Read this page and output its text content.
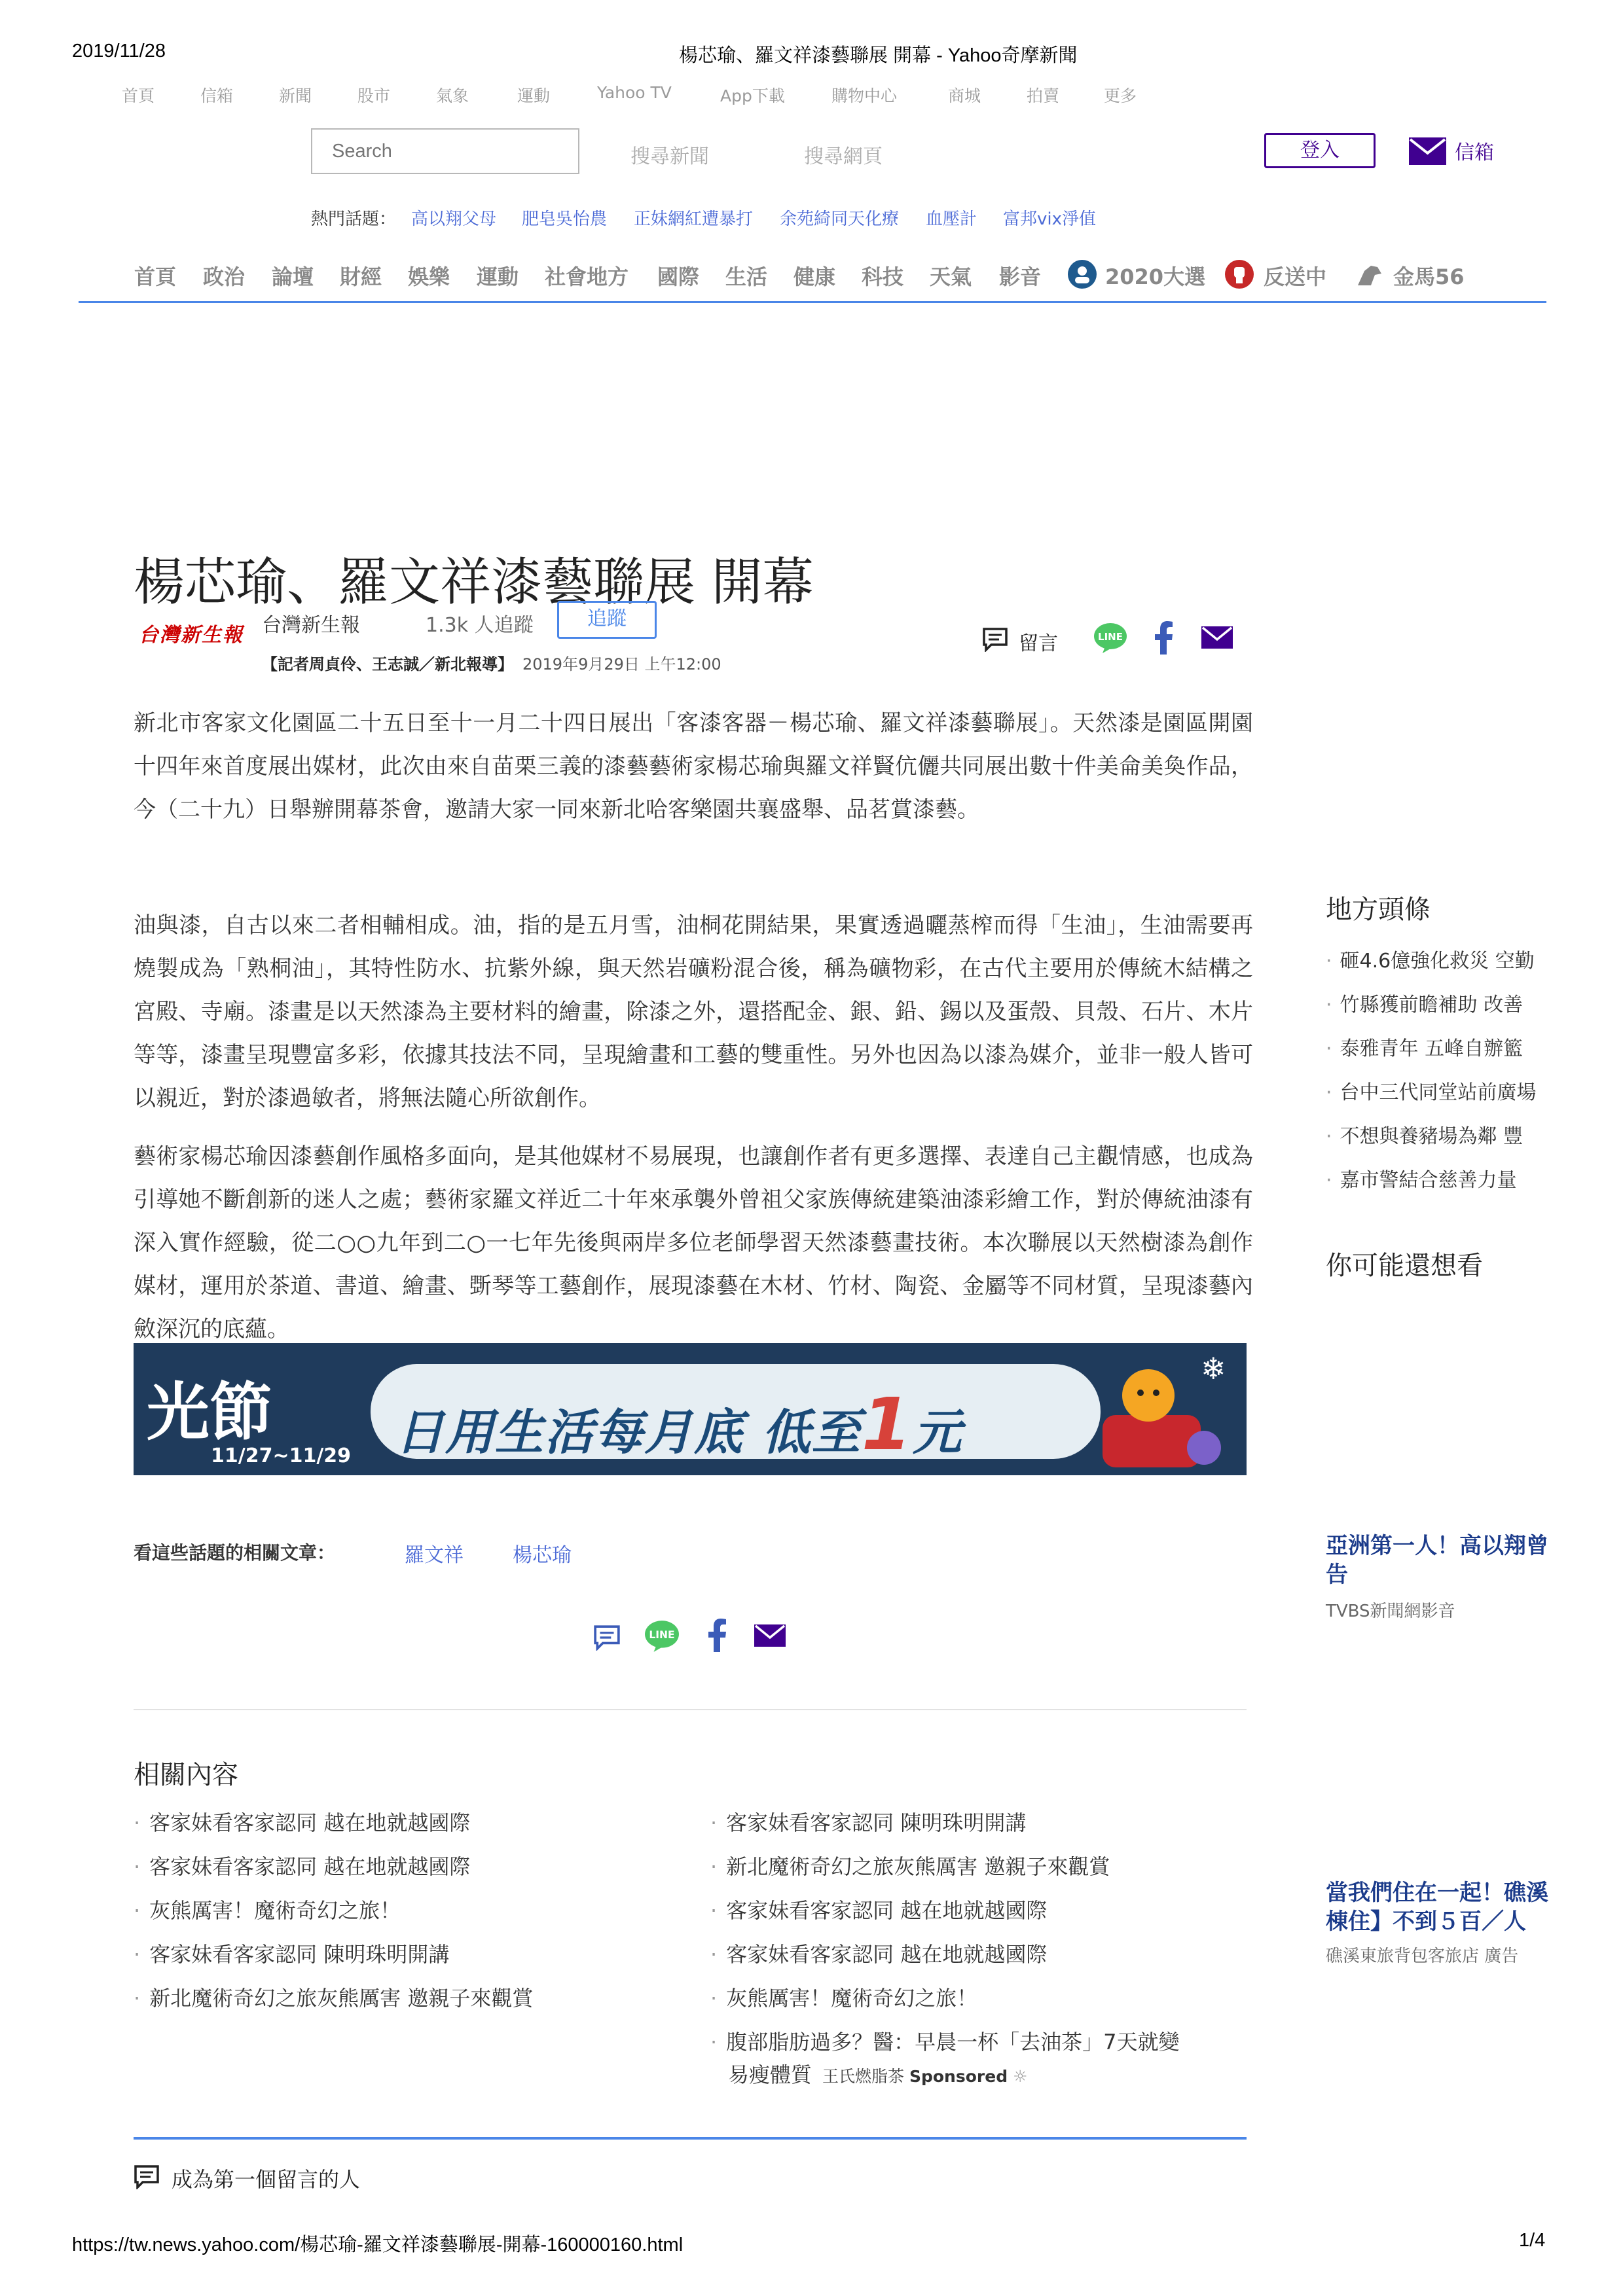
2019/11/28	楊芯瑜、羅文祥漆藝聯展 開幕 - Yahoo奇摩新聞
首頁	信箱	新聞	股市	氣象	運動	Yahoo TV	App下載	購物中心	商城	拍賣	更多
Search
搜尋新聞	搜尋網頁	登入	信箱
熱門話題： 高以翔父母 肥皂吳怡農 正妹網紅遭暴打 余苑綺同天化療 血壓計 富邦vix淨值
首頁 政治 論壇 財經 娛樂 運動 社會地方 國際 生活 健康 科技 天氣 影音	2020大選	反送中	金馬56
楊芯瑜、羅文祥漆藝聯展 開幕
台灣新生報 台灣新生報	1.3k 人追蹤	追蹤
【記者周貞伶、王志誠／新北報導】 2019年9月29日 上午12:00
留言	LINE

新北市客家文化園區二十五日至十一月二十四日展出「客漆客器－楊芯瑜、羅文祥漆藝聯展」。天然漆是園區開園十四年來首度展出媒材，此次由來自苗栗三義的漆藝藝術家楊芯瑜與羅文祥賢伉儷共同展出數十件美侖美奐作品，今（二十九）日舉辦開幕茶會，邀請大家一同來新北哈客樂園共襄盛舉、品茗賞漆藝。

油與漆，自古以來二者相輔相成。油，指的是五月雪，油桐花開結果，果實透過曬蒸榨而得「生油」，生油需要再燒製成為「熟桐油」，其特性防水、抗紫外線，與天然岩礦粉混合後，稱為礦物彩，在古代主要用於傳統木結構之宮殿、寺廟。漆畫是以天然漆為主要材料的繪畫，除漆之外，還搭配金、銀、鉛、錫以及蛋殼、貝殼、石片、木片等等，漆畫呈現豐富多彩，依據其技法不同，呈現繪畫和工藝的雙重性。另外也因為以漆為媒介，並非一般人皆可以親近，對於漆過敏者，將無法隨心所欲創作。

藝術家楊芯瑜因漆藝創作風格多面向，是其他媒材不易展現，也讓創作者有更多選擇、表達自己主觀情感，也成為引導她不斷創新的迷人之處；藝術家羅文祥近二十年來承襲外曾祖父家族傳統建築油漆彩繪工作，對於傳統油漆有深入實作經驗，從二○○九年到二○一七年先後與兩岸多位老師學習天然漆藝畫技術。本次聯展以天然樹漆為創作媒材，運用於茶道、書道、繪畫、斲琴等工藝創作，展現漆藝在木材、竹材、陶瓷、金屬等不同材質，呈現漆藝內斂深沉的底蘊。

光節
11/27~11/29 日用生活每月底 低至1元
❄
看這些話題的相關文章：	羅文祥	楊芯瑜
LINE
相關內容
· 客家妹看客家認同 越在地就越國際
· 客家妹看客家認同 越在地就越國際
· 灰熊厲害！魔術奇幻之旅！
· 客家妹看客家認同 陳明珠明開講
· 新北魔術奇幻之旅灰熊厲害 邀親子來觀賞
· 客家妹看客家認同 陳明珠明開講
· 新北魔術奇幻之旅灰熊厲害 邀親子來觀賞
· 客家妹看客家認同 越在地就越國際
· 客家妹看客家認同 越在地就越國際
· 灰熊厲害！魔術奇幻之旅！
· 腹部脂肪過多？醫：早晨一杯「去油茶」7天就變
易瘦體質 王氏燃脂茶 Sponsored ☼
成為第一個留言的人
地方頭條
· 砸4.6億強化救災 空勤
· 竹縣獲前瞻補助 改善
· 泰雅青年 五峰自辦籃
· 台中三代同堂站前廣場
· 不想與養豬場為鄰 豐
· 嘉市警結合慈善力量
你可能還想看
亞洲第一人！高以翔曾
告
TVBS新聞網影音
當我們住在一起！礁溪
棟住】不到５百／人
礁溪東旅背包客旅店 廣告
https://tw.news.yahoo.com/楊芯瑜-羅文祥漆藝聯展-開幕-160000160.html	1/4
